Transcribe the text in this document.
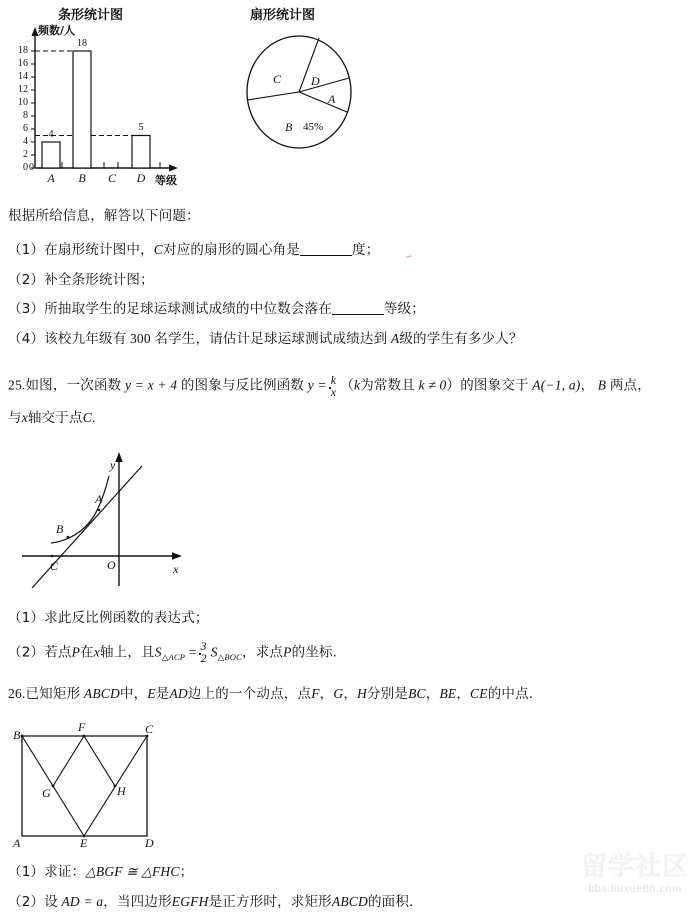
条形统计图	扇形统计图
频数/人
0
2
4
6
8
10
12
14
16
18
4
18
5
A	B	C	D 等级
0
C D
A
B 45%
根据所给信息，解答以下问题：
（1）在扇形统计图中，C对应的扇形的圆心角是	度； ~
（2）补全条形统计图；
（3）所抽取学生的足球运球测试成绩的中位数会落在	等级；
（4）该校九年级有 300 名学生，请估计足球运球测试成绩达到 A级的学生有多少人？
25.如图，一次函数 y = x + 4 的图象与反比例函数 $y = \frac{k}{x} (k$为常数且 k ≠ 0）的图象交于 A(−1, a)， B 两点，
与x轴交于点C.
y
x
O
A
B
C
（1）求此反比例函数的表达式；
（2）若点P在x轴上，且$S_{\triangle ACP} = \frac{3}{2} S_{\triangle BOC}$，求点P的坐标.
26.已知矩形 ABCD中，E是AD边上的一个动点，点F，G，H分别是BC，BE，CE的中点.
B
F	C
G	H
A	E	D
（1）求证：△BGF ≅ △FHC；
（2）设 AD = a，当四边形EGFH是正方形时，求矩形ABCD的面积.
留学社区
bbs.liuxue86.com
